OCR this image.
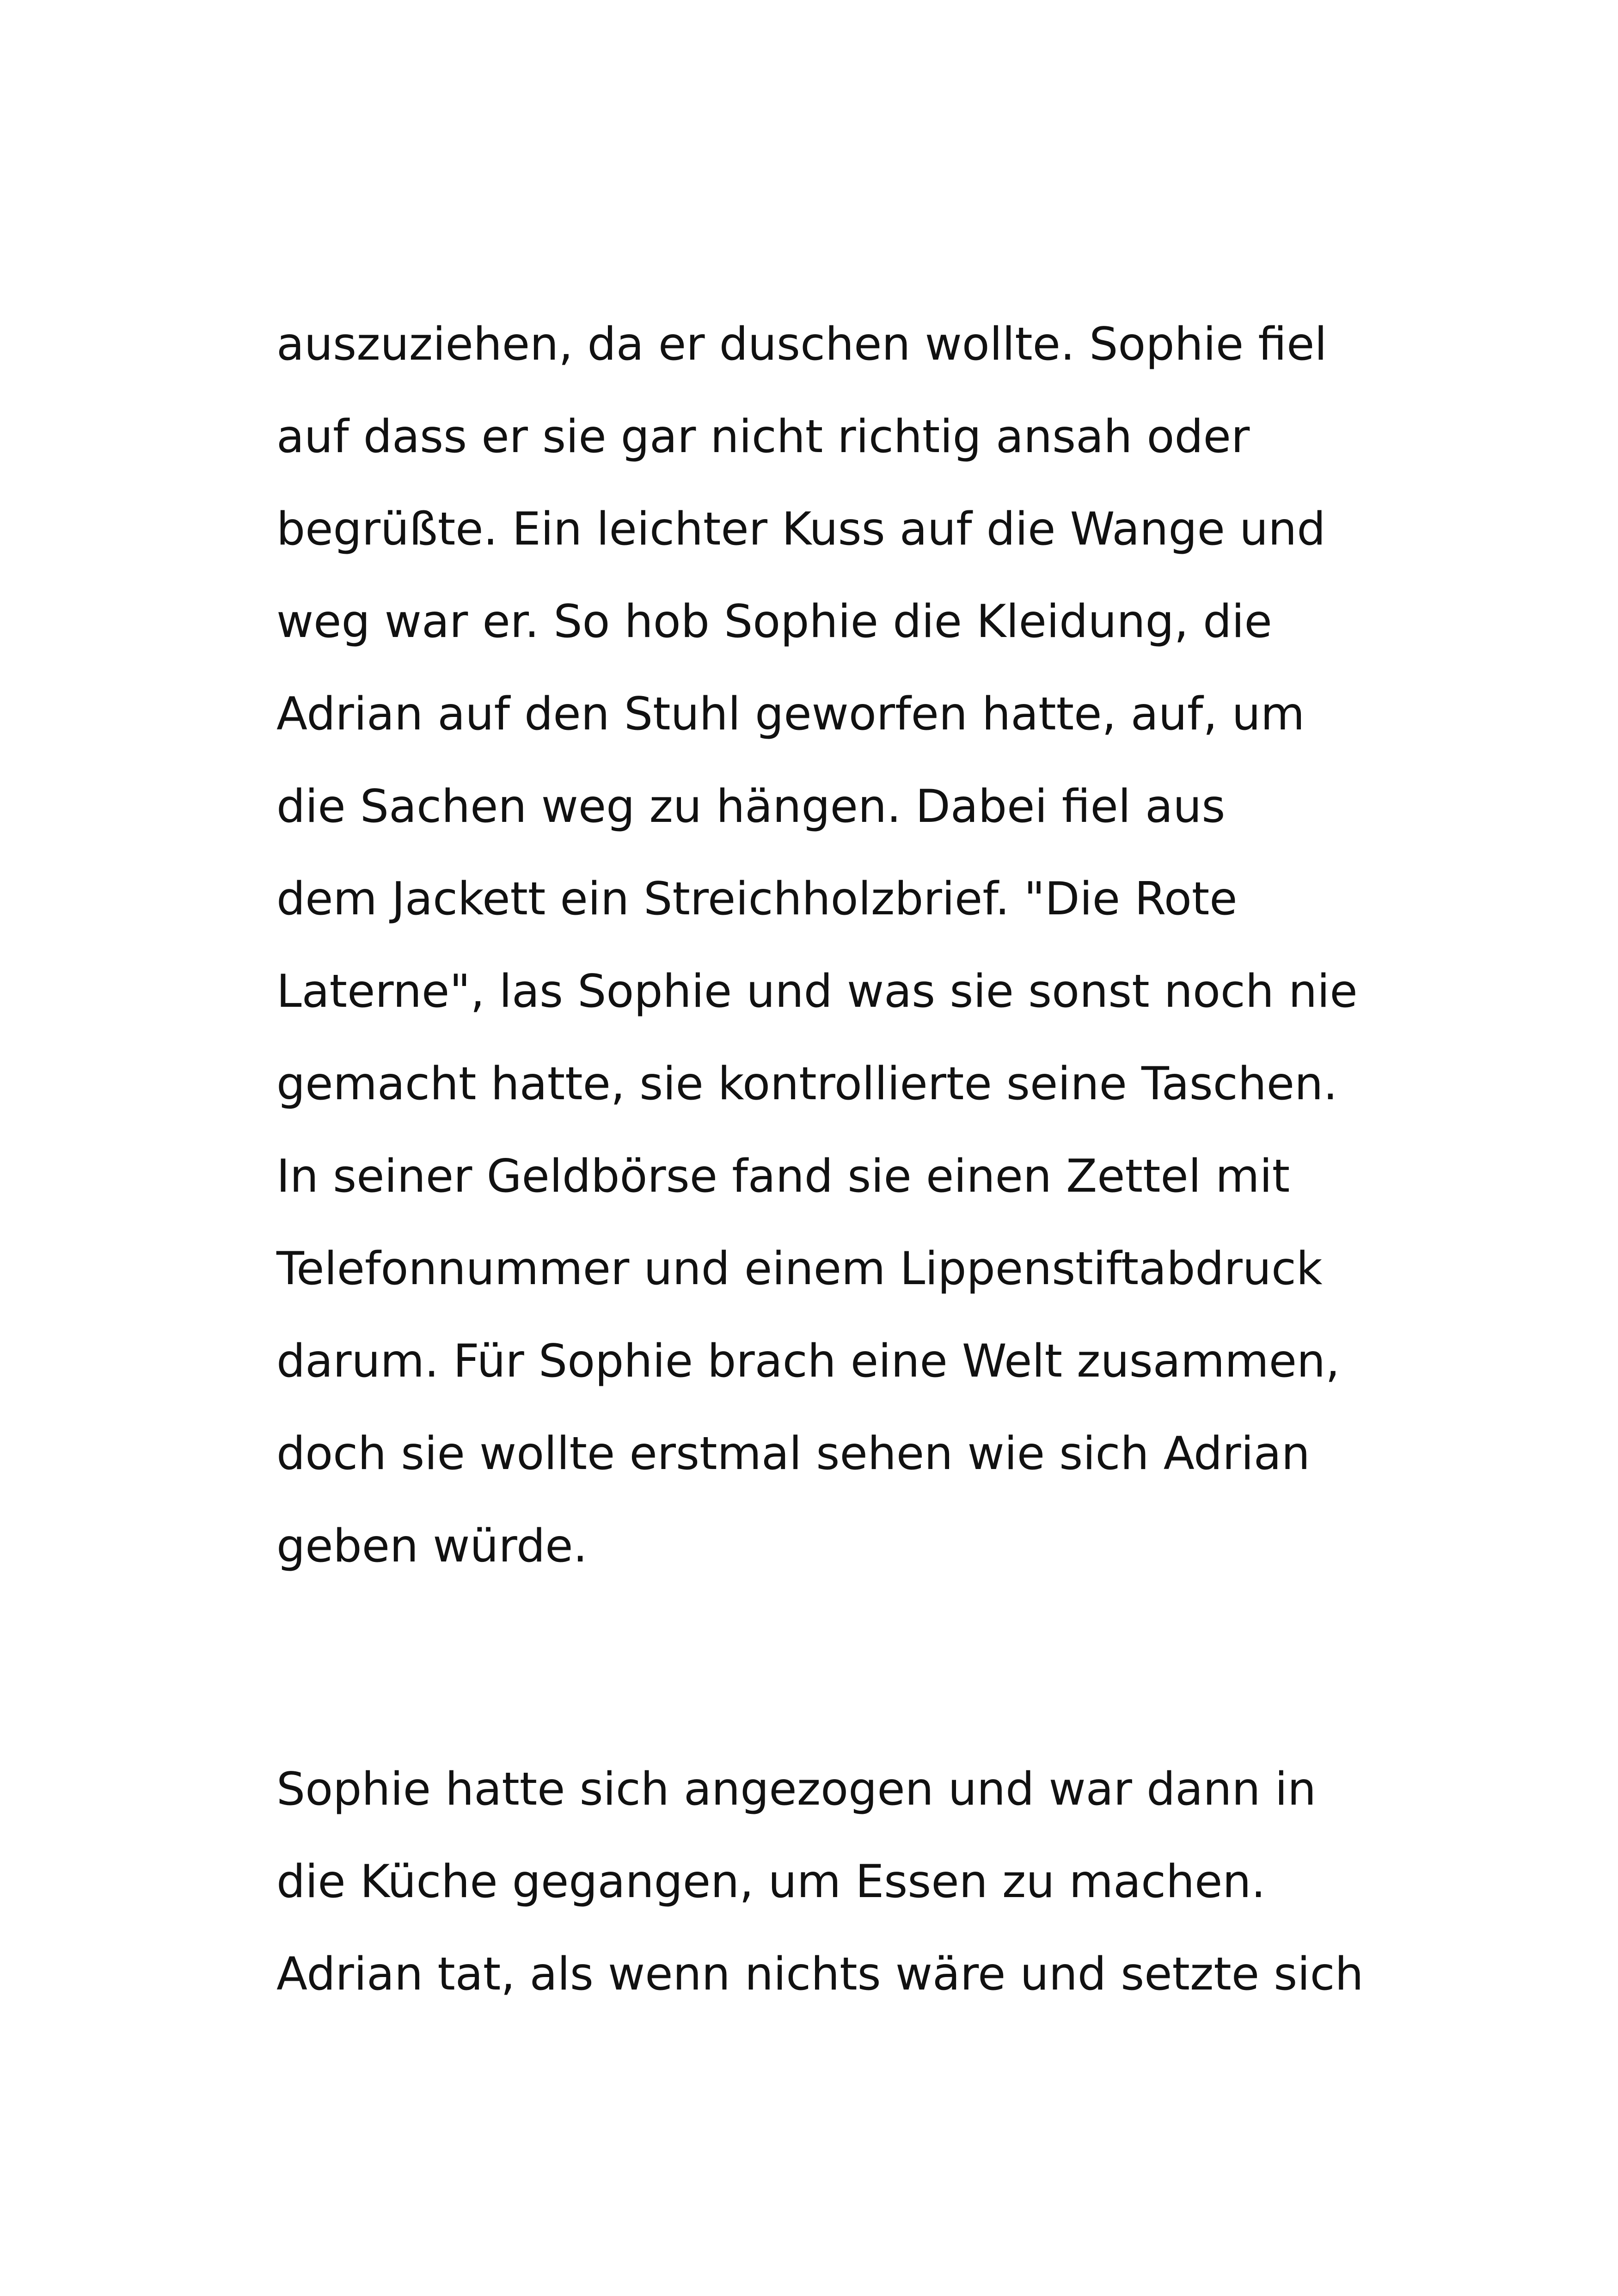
auszuziehen, da er duschen wollte. Sophie fiel

auf dass er sie gar nicht richtig ansah oder

begrüßte. Ein leichter Kuss auf die Wange und

weg war er. So hob Sophie die Kleidung, die

Adrian auf den Stuhl geworfen hatte, auf, um

die Sachen weg zu hängen. Dabei fiel aus

dem Jackett ein Streichholzbrief. "Die Rote

Laterne", las Sophie und was sie sonst noch nie

gemacht hatte, sie kontrollierte seine Taschen.

In seiner Geldbörse fand sie einen Zettel mit

Telefonnummer und einem Lippenstiftabdruck

darum. Für Sophie brach eine Welt zusammen,

doch sie wollte erstmal sehen wie sich Adrian

geben würde.

Sophie hatte sich angezogen und war dann in

die Küche gegangen, um Essen zu machen.

Adrian tat, als wenn nichts wäre und setzte sich
